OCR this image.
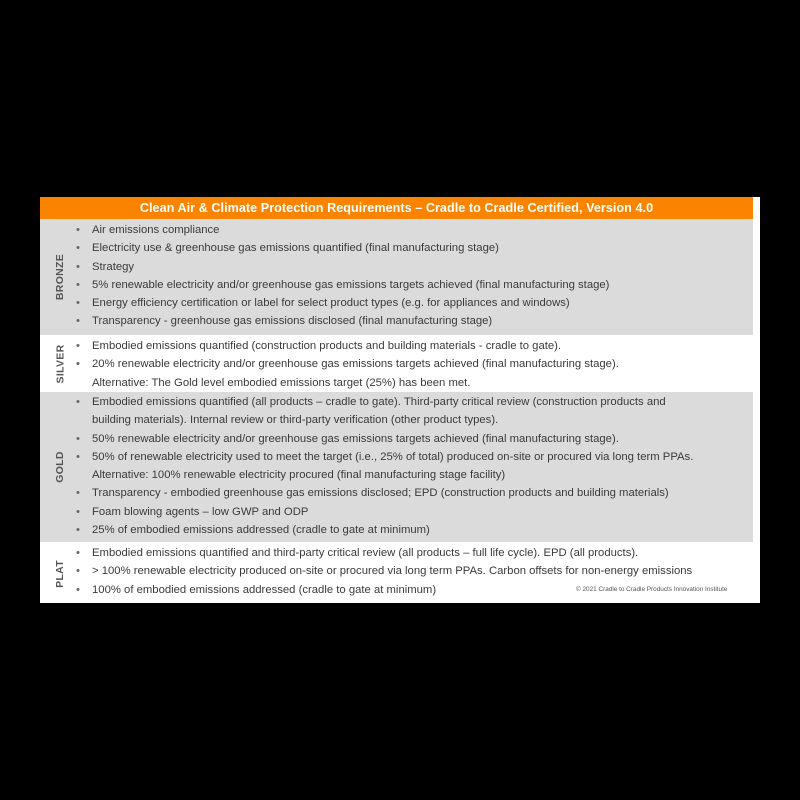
Clean Air & Climate Protection Requirements – Cradle to Cradle Certified, Version 4.0
BRONZE
• Air emissions compliance
• Electricity use & greenhouse gas emissions quantified (final manufacturing stage)
• Strategy
• 5% renewable electricity and/or greenhouse gas emissions targets achieved (final manufacturing stage)
• Energy efficiency certification or label for select product types (e.g. for appliances and windows)
• Transparency - greenhouse gas emissions disclosed (final manufacturing stage)
SILVER	• Embodied emissions quantified (construction products and building materials - cradle to gate).
• 20% renewable electricity and/or greenhouse gas emissions targets achieved (final manufacturing stage).
Alternative: The Gold level embodied emissions target (25%) has been met.
GOLD
• Embodied emissions quantified (all products – cradle to gate). Third-party critical review (construction products and
building materials). Internal review or third-party verification (other product types).
• 50% renewable electricity and/or greenhouse gas emissions targets achieved (final manufacturing stage).
• 50% of renewable electricity used to meet the target (i.e., 25% of total) produced on-site or procured via long term PPAs.
Alternative: 100% renewable electricity procured (final manufacturing stage facility)
• Transparency - embodied greenhouse gas emissions disclosed; EPD (construction products and building materials)
• Foam blowing agents – low GWP and ODP
• 25% of embodied emissions addressed (cradle to gate at minimum)
PLAT
• Embodied emissions quantified and third-party critical review (all products – full life cycle). EPD (all products).
• > 100% renewable electricity produced on-site or procured via long term PPAs. Carbon offsets for non-energy emissions
• 100% of embodied emissions addressed (cradle to gate at minimum)	© 2021 Cradle to Cradle Products Innovation Institute
